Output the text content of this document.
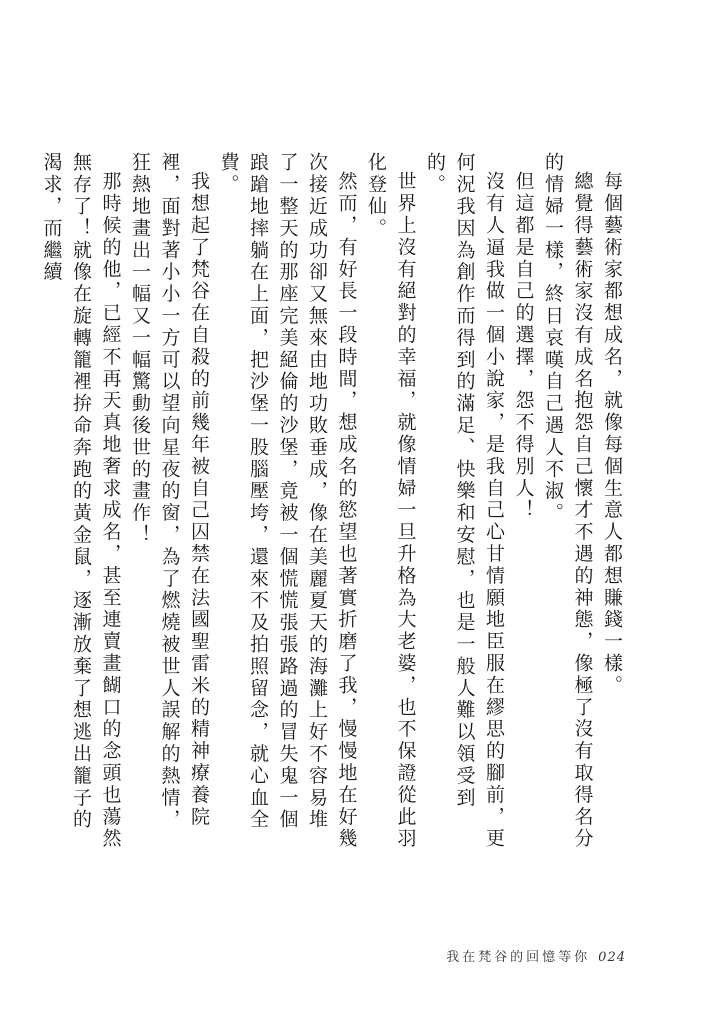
每個藝術家都想成名，就像每個生意人都想賺錢一樣。

總覺得藝術家沒有成名抱怨自己懷才不遇的神態，像極了沒有取得名分的情婦一樣，終日哀嘆自己遇人不淑。

但這都是自己的選擇，怨不得別人！

沒有人逼我做一個小說家，是我自己心甘情願地臣服在繆思的腳前，更何況我因為創作而得到的滿足、快樂和安慰，也是一般人難以領受到的。

世界上沒有絕對的幸福，就像情婦一旦升格為大老婆，也不保證從此羽化登仙。

然而，有好長一段時間，想成名的慾望也著實折磨了我，慢慢地在好幾次接近成功卻又無來由地功敗垂成，像在美麗夏天的海灘上好不容易堆了一整天的那座完美絕倫的沙堡，竟被一個慌慌張張路過的冒失鬼一個踉蹌地摔躺在上面，把沙堡一股腦壓垮，還來不及拍照留念，就心血全費。

我想起了梵谷在自殺的前幾年被自己囚禁在法國聖雷米的精神療養院裡，面對著小小一方可以望向星夜的窗，為了燃燒被世人誤解的熱情，狂熱地畫出一幅又一幅驚動後世的畫作！

那時候的他，已經不再天真地奢求成名，甚至連賣畫餬口的念頭也蕩然無存了！就像在旋轉籠裡拚命奔跑的黃金鼠，逐漸放棄了想逃出籠子的渴求，而繼續

我在梵谷的回憶等你 024
